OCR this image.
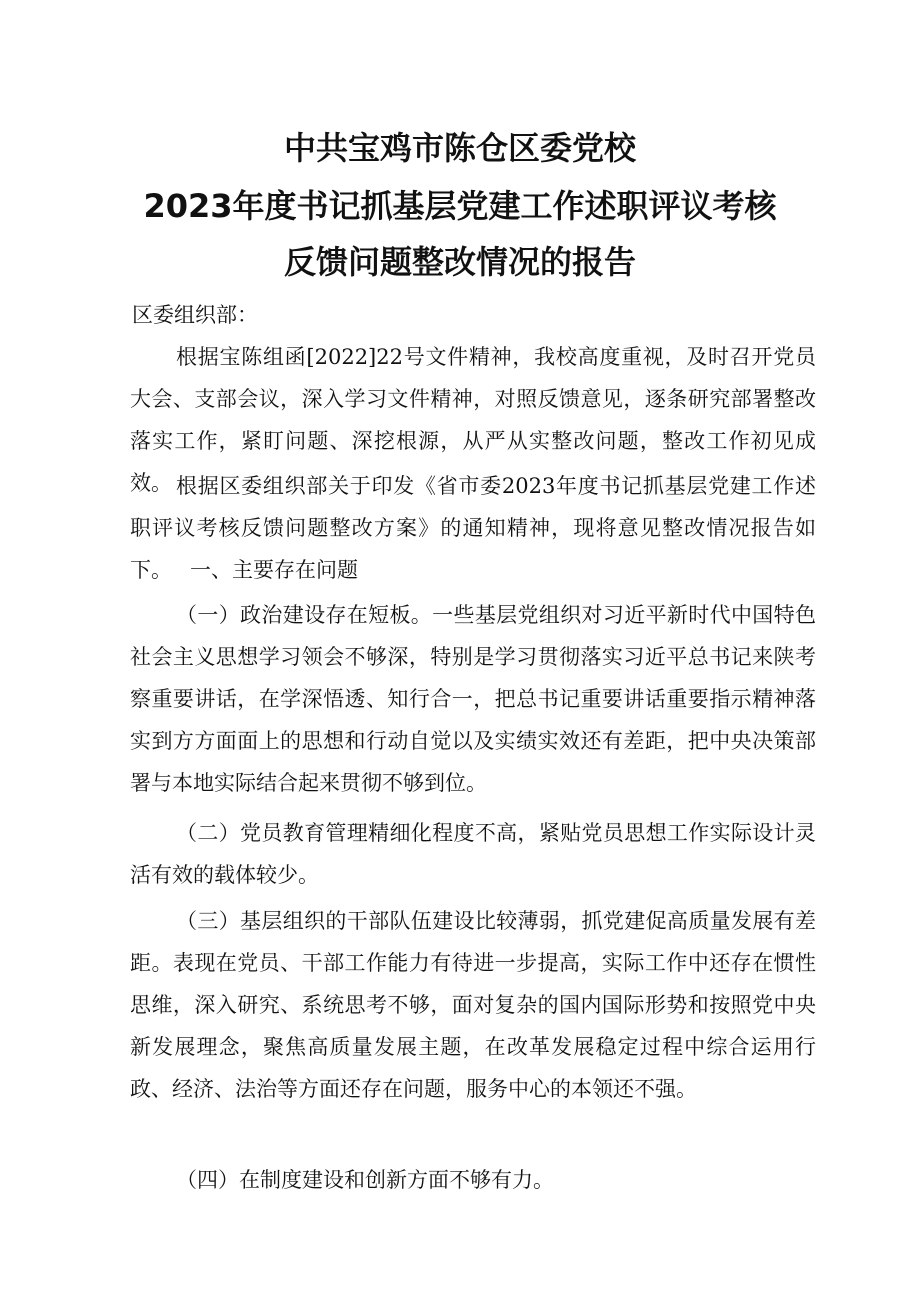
中共宝鸡市陈仓区委党校
2023年度书记抓基层党建工作述职评议考核
反馈问题整改情况的报告

区委组织部：

根据宝陈组函[2022]22号文件精神，我校高度重视，及时召开党员大会、支部会议，深入学习文件精神，对照反馈意见，逐条研究部署整改落实工作，紧盯问题、深挖根源，从严从实整改问题，整改工作初见成效。 根据区委组织部关于印发《省市委2023年度书记抓基层党建工作述职评议考核反馈问题整改方案》的通知精神，现将意见整改情况报告如下。 一、主要存在问题

（一）政治建设存在短板。一些基层党组织对习近平新时代中国特色社会主义思想学习领会不够深，特别是学习贯彻落实习近平总书记来陕考察重要讲话，在学深悟透、知行合一，把总书记重要讲话重要指示精神落实到方方面面上的思想和行动自觉以及实绩实效还有差距，把中央决策部署与本地实际结合起来贯彻不够到位。

（二）党员教育管理精细化程度不高，紧贴党员思想工作实际设计灵活有效的载体较少。

（三）基层组织的干部队伍建设比较薄弱，抓党建促高质量发展有差距。表现在党员、干部工作能力有待进一步提高，实际工作中还存在惯性思维，深入研究、系统思考不够，面对复杂的国内国际形势和按照党中央新发展理念，聚焦高质量发展主题，在改革发展稳定过程中综合运用行政、经济、法治等方面还存在问题，服务中心的本领还不强。

（四）在制度建设和创新方面不够有力。
